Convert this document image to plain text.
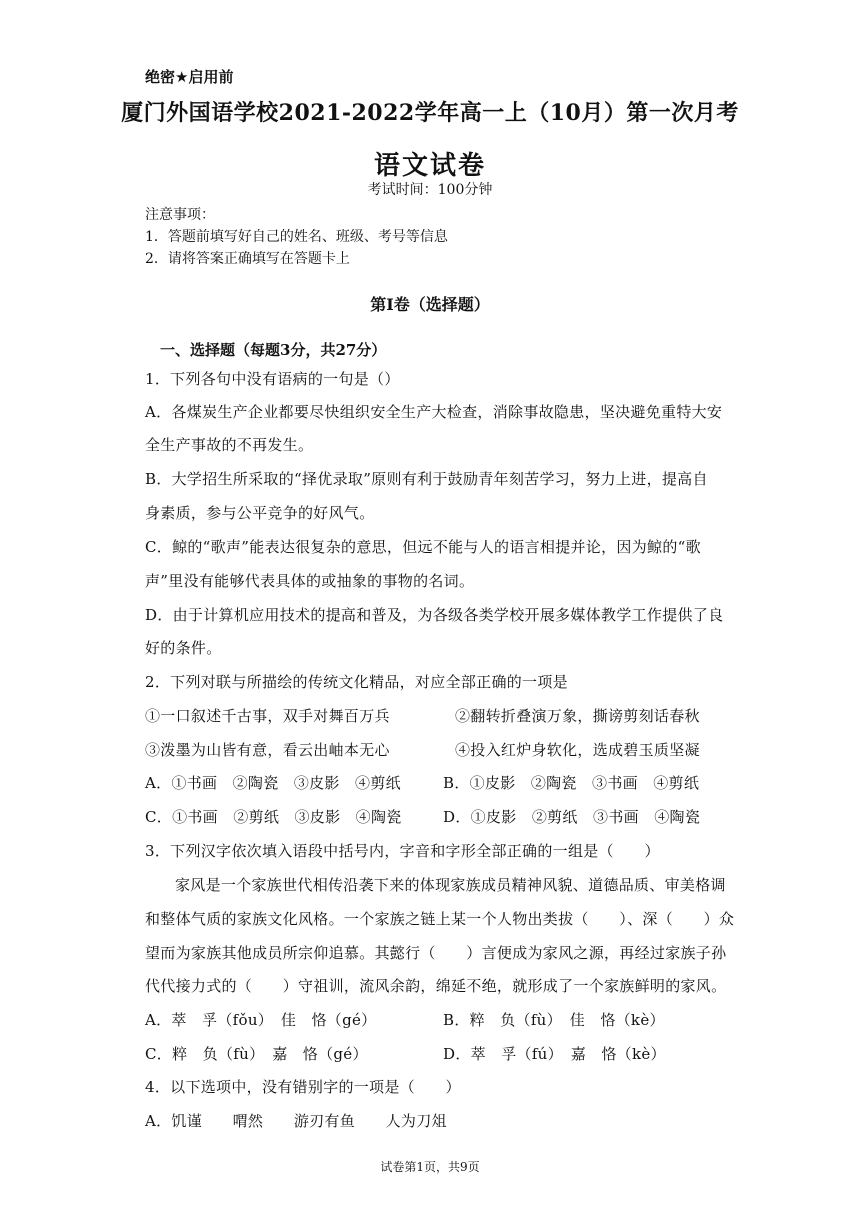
绝密★启用前
厦门外国语学校2021-2022学年高一上（10月）第一次月考
语文试卷
考试时间：100分钟
注意事项：
1．答题前填写好自己的姓名、班级、考号等信息
2．请将答案正确填写在答题卡上
第Ⅰ卷（选择题）
一、选择题（每题3分，共27分）
1．下列各句中没有语病的一句是（）
A．各煤炭生产企业都要尽快组织安全生产大检查，消除事故隐患，坚决避免重特大安
全生产事故的不再发生。
B．大学招生所采取的“择优录取”原则有利于鼓励青年刻苦学习，努力上进，提高自
身素质，参与公平竞争的好风气。
C．鲸的“歌声”能表达很复杂的意思，但远不能与人的语言相提并论，因为鲸的“歌
声”里没有能够代表具体的或抽象的事物的名词。
D．由于计算机应用技术的提高和普及，为各级各类学校开展多媒体教学工作提供了良
好的条件。
2．下列对联与所描绘的传统文化精品，对应全部正确的一项是
①一口叙述千古事，双手对舞百万兵	②翻转折叠演万象，撕谤剪刻话春秋
③泼墨为山皆有意，看云出岫本无心	④投入红炉身软化，选成碧玉质坚凝
A．①书画　②陶瓷　③皮影　④剪纸	B．①皮影　②陶瓷　③书画　④剪纸
C．①书画　②剪纸　③皮影　④陶瓷	D．①皮影　②剪纸　③书画　④陶瓷
3．下列汉字依次填入语段中括号内，字音和字形全部正确的一组是（　　）
家风是一个家族世代相传沿袭下来的体现家族成员精神风貌、道德品质、审美格调
和整体气质的家族文化风格。一个家族之链上某一个人物出类拔（　　）、深（　　）众
望而为家族其他成员所宗仰追慕。其懿行（　　）言便成为家风之源，再经过家族子孙
代代接力式的（　　）守祖训，流风余韵，绵延不绝，就形成了一个家族鲜明的家风。
A．萃　孚（fǒu）　佳　恪（gé）	B．粹　负（fù）　佳　恪（kè）
C．粹　负（fù）　嘉　恪（gé）	D．萃　孚（fú）　嘉　恪（kè）
4．以下选项中，没有错别字的一项是（　　）
A．饥谨　　喟然　　游刃有鱼　　人为刀俎
试卷第1页，共9页
